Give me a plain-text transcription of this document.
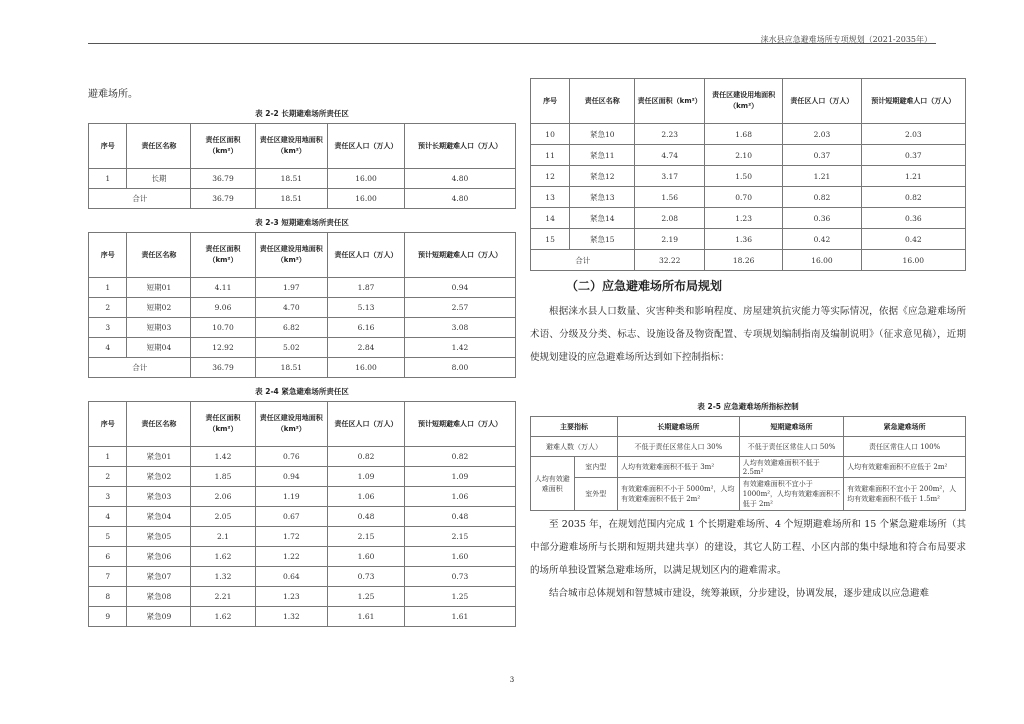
涞水县应急避难场所专项规划（2021-2035年）
避难场所。
表 2-2 长期避难场所责任区
序号	责任区名称	责任区面积（km²）	责任区建设用地面积（km²）	责任区人口（万人）	预计长期避难人口（万人）
1	长期	36.79	18.51	16.00	4.80
合计		36.79	18.51	16.00	4.80
表 2-3 短期避难场所责任区
序号	责任区名称	责任区面积（km²）	责任区建设用地面积（km²）	责任区人口（万人）	预计短期避难人口（万人）
1	短期01	4.11	1.97	1.87	0.94
2	短期02	9.06	4.70	5.13	2.57
3	短期03	10.70	6.82	6.16	3.08
4	短期04	12.92	5.02	2.84	1.42
合计		36.79	18.51	16.00	8.00
表 2-4 紧急避难场所责任区
序号	责任区名称	责任区面积（km²）	责任区建设用地面积（km²）	责任区人口（万人）	预计短期避难人口（万人）
1	紧急01	1.42	0.76	0.82	0.82
2	紧急02	1.85	0.94	1.09	1.09
3	紧急03	2.06	1.19	1.06	1.06
4	紧急04	2.05	0.67	0.48	0.48
5	紧急05	2.1	1.72	2.15	2.15
6	紧急06	1.62	1.22	1.60	1.60
7	紧急07	1.32	0.64	0.73	0.73
8	紧急08	2.21	1.23	1.25	1.25
9	紧急09	1.62	1.32	1.61	1.61
序号	责任区名称	责任区面积（km²）	责任区建设用地面积（km²）	责任区人口（万人）	预计短期避难人口（万人）
10	紧急10	2.23	1.68	2.03	2.03
11	紧急11	4.74	2.10	0.37	0.37
12	紧急12	3.17	1.50	1.21	1.21
13	紧急13	1.56	0.70	0.82	0.82
14	紧急14	2.08	1.23	0.36	0.36
15	紧急15	2.19	1.36	0.42	0.42
合计		32.22	18.26	16.00	16.00
（二）应急避难场所布局规划
根据涞水县人口数量、灾害种类和影响程度、房屋建筑抗灾能力等实际情况，依据《应急避难场所术语、分级及分类、标志、设施设备及物资配置、专项规划编制指南及编制说明》（征求意见稿），近期使规划建设的应急避难场所达到如下控制指标：
表 2-5 应急避难场所指标控制
主要指标		长期避难场所	短期避难场所	紧急避难场所
避难人数（万人）		不低于责任区常住人口 30%	不低于责任区常住人口 50%	责任区常住人口 100%
人均有效避难面积	室内型	人均有效避难面积不低于 3m²	人均有效避难面积不低于 2.5m²	人均有效避难面积不应低于 2m²
	室外型	有效避难面积不小于 5000m²，人均有效避难面积不低于 2m²	有效避难面积不宜小于 1000m²，人均有效避难面积不低于 2m²	有效避难面积不宜小于 200m²，人均有效避难面积不低于 1.5m²
至 2035 年，在规划范围内完成 1 个长期避难场所、4 个短期避难场所和 15 个紧急避难场所（其中部分避难场所与长期和短期共建共享）的建设，其它人防工程、小区内部的集中绿地和符合布局要求的场所单独设置紧急避难场所，以满足规划区内的避难需求。
结合城市总体规划和智慧城市建设，统筹兼顾，分步建设，协调发展，逐步建成以应急避难
3
